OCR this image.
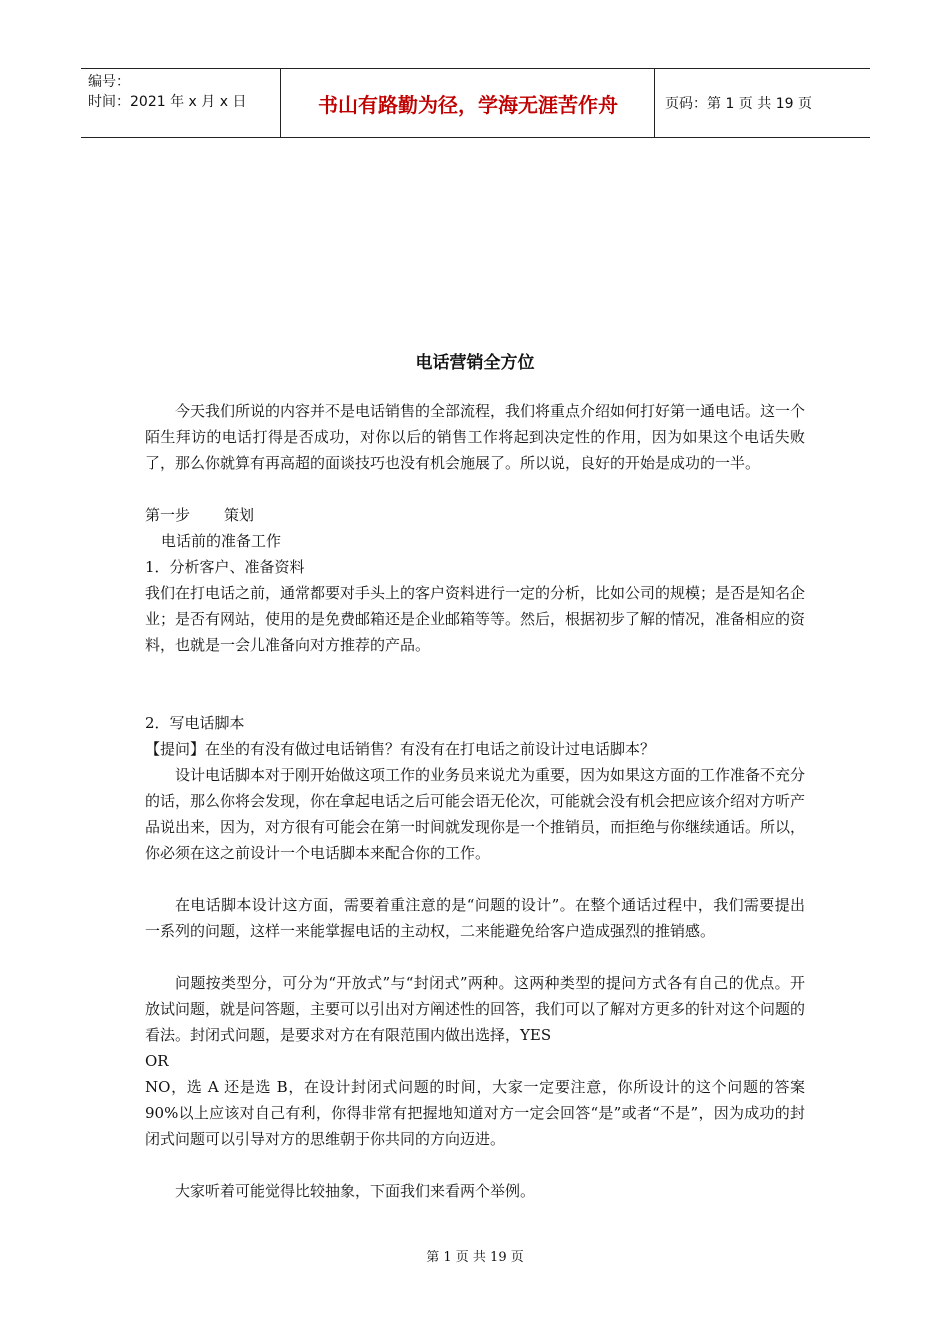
编号：
时间：2021 年 x 月 x 日	书山有路勤为径，学海无涯苦作舟	页码：第 1 页 共 19 页
电话营销全方位

今天我们所说的内容并不是电话销售的全部流程，我们将重点介绍如何打好第一通电话。这一个陌生拜访的电话打得是否成功，对你以后的销售工作将起到决定性的作用，因为如果这个电话失败了，那么你就算有再高超的面谈技巧也没有机会施展了。所以说，良好的开始是成功的一半。

第一步 策划

电话前的准备工作

1．分析客户、准备资料

我们在打电话之前，通常都要对手头上的客户资料进行一定的分析，比如公司的规模；是否是知名企业；是否有网站，使用的是免费邮箱还是企业邮箱等等。然后，根据初步了解的情况，准备相应的资料，也就是一会儿准备向对方推荐的产品。

2．写电话脚本

【提问】在坐的有没有做过电话销售？有没有在打电话之前设计过电话脚本？

设计电话脚本对于刚开始做这项工作的业务员来说尤为重要，因为如果这方面的工作准备不充分的话，那么你将会发现，你在拿起电话之后可能会语无伦次，可能就会没有机会把应该介绍对方听产品说出来，因为，对方很有可能会在第一时间就发现你是一个推销员，而拒绝与你继续通话。所以，你必须在这之前设计一个电话脚本来配合你的工作。

在电话脚本设计这方面，需要着重注意的是“问题的设计”。在整个通话过程中，我们需要提出一系列的问题，这样一来能掌握电话的主动权，二来能避免给客户造成强烈的推销感。

问题按类型分，可分为“开放式”与“封闭式”两种。这两种类型的提问方式各有自己的优点。开放试问题，就是问答题，主要可以引出对方阐述性的回答，我们可以了解对方更多的针对这个问题的看法。封闭式问题，是要求对方在有限范围内做出选择，YES

OR

NO，选 A 还是选 B，在设计封闭式问题的时间，大家一定要注意，你所设计的这个问题的答案 90%以上应该对自己有利，你得非常有把握地知道对方一定会回答“是”或者“不是”，因为成功的封闭式问题可以引导对方的思维朝于你共同的方向迈进。

大家听着可能觉得比较抽象，下面我们来看两个举例。

第 1 页 共 19 页
